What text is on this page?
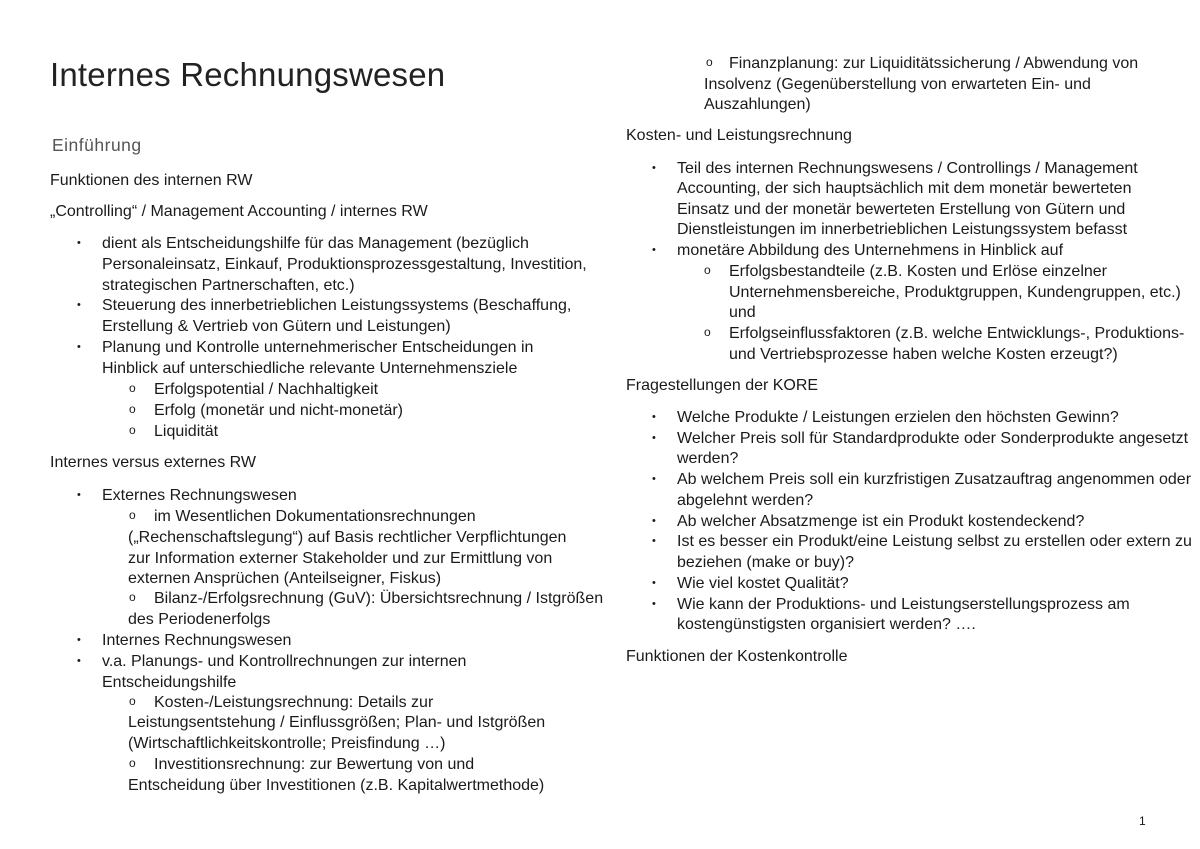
Internes Rechnungswesen
Einführung
Funktionen des internen RW
„Controlling“ / Management Accounting / internes RW
• dient als Entscheidungshilfe für das Management (bezüglich
Personaleinsatz, Einkauf, Produktionsprozessgestaltung, Investition,
strategischen Partnerschaften, etc.)
• Steuerung des innerbetrieblichen Leistungssystems (Beschaffung,
Erstellung & Vertrieb von Gütern und Leistungen)
• Planung und Kontrolle unternehmerischer Entscheidungen in
Hinblick auf unterschiedliche relevante Unternehmensziele
o Erfolgspotential / Nachhaltigkeit
o Erfolg (monetär und nicht-monetär)
o Liquidität
Internes versus externes RW
• Externes Rechnungswesen
o im Wesentlichen Dokumentationsrechnungen
(„Rechenschaftslegung“) auf Basis rechtlicher Verpflichtungen
zur Information externer Stakeholder und zur Ermittlung von
externen Ansprüchen (Anteilseigner, Fiskus)
o Bilanz-/Erfolgsrechnung (GuV): Übersichtsrechnung / Istgrößen
des Periodenerfolgs
• Internes Rechnungswesen
• v.a. Planungs- und Kontrollrechnungen zur internen
Entscheidungshilfe
o Kosten-/Leistungsrechnung: Details zur
Leistungsentstehung / Einflussgrößen; Plan- und Istgrößen
(Wirtschaftlichkeitskontrolle; Preisfindung …)
o Investitionsrechnung: zur Bewertung von und
Entscheidung über Investitionen (z.B. Kapitalwertmethode)
o Finanzplanung: zur Liquiditätssicherung / Abwendung von
Insolvenz (Gegenüberstellung von erwarteten Ein- und
Auszahlungen)
Kosten- und Leistungsrechnung
• Teil des internen Rechnungswesens / Controllings / Management
Accounting, der sich hauptsächlich mit dem monetär bewerteten
Einsatz und der monetär bewerteten Erstellung von Gütern und
Dienstleistungen im innerbetrieblichen Leistungssystem befasst
• monetäre Abbildung des Unternehmens in Hinblick auf
o Erfolgsbestandteile (z.B. Kosten und Erlöse einzelner
Unternehmensbereiche, Produktgruppen, Kundengruppen, etc.)
und
o Erfolgseinflussfaktoren (z.B. welche Entwicklungs-, Produktions-
und Vertriebsprozesse haben welche Kosten erzeugt?)
Fragestellungen der KORE
• Welche Produkte / Leistungen erzielen den höchsten Gewinn?
• Welcher Preis soll für Standardprodukte oder Sonderprodukte angesetzt
werden?
• Ab welchem Preis soll ein kurzfristigen Zusatzauftrag angenommen oder
abgelehnt werden?
• Ab welcher Absatzmenge ist ein Produkt kostendeckend?
• Ist es besser ein Produkt/eine Leistung selbst zu erstellen oder extern zu
beziehen (make or buy)?
• Wie viel kostet Qualität?
• Wie kann der Produktions- und Leistungserstellungsprozess am
kostengünstigsten organisiert werden? ….
Funktionen der Kostenkontrolle
1
